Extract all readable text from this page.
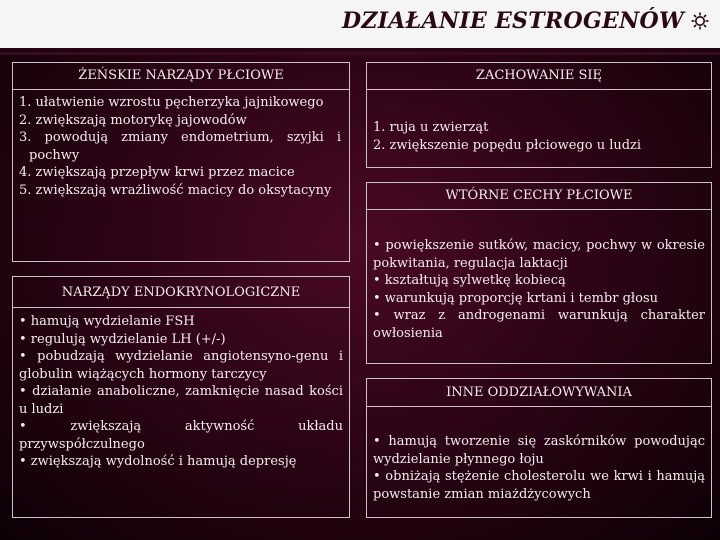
DZIAŁANIE ESTROGENÓW
ŻEŃSKIE NARZĄDY PŁCIOWE
1. ułatwienie wzrostu pęcherzyka jajnikowego
2. zwiększają motorykę jajowodów
3. powodują zmiany endometrium, szyjki i pochwy
4. zwiększają przepływ krwi przez macice
5. zwiększają wrażliwość macicy do oksytacyny
NARZĄDY ENDOKRYNOLOGICZNE
• hamują wydzielanie FSH
• regulują wydzielanie LH (+/-)
• pobudzają wydzielanie angiotensyno-genu i globulin wiążących hormony tarczycy
• działanie anaboliczne, zamknięcie nasad kości u ludzi
• zwiększają aktywność układu przywspółczulnego
• zwiększają wydolność i hamują depresję
ZACHOWANIE SIĘ
1. ruja u zwierząt
2. zwiększenie popędu płciowego u ludzi
WTÓRNE CECHY PŁCIOWE
• powiększenie sutków, macicy, pochwy w okresie pokwitania, regulacja laktacji
• kształtują sylwetkę kobiecą
• warunkują proporcję krtani i tembr głosu
• wraz z androgenami warunkują charakter owłosienia
INNE ODDZIAŁOWYWANIA
• hamują tworzenie się zaskórników powodując wydzielanie płynnego łoju
• obniżają stężenie cholesterolu we krwi i hamują powstanie zmian miażdżycowych
